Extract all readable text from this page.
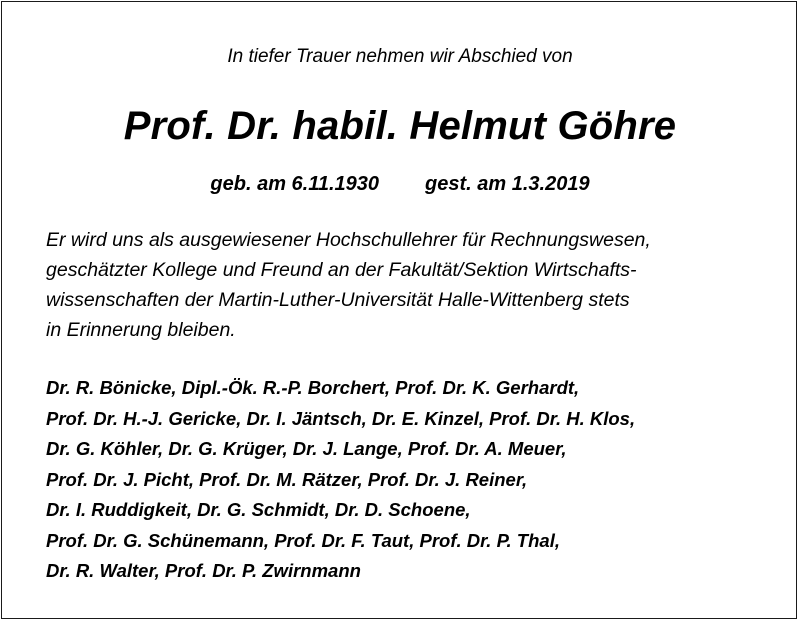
In tiefer Trauer nehmen wir Abschied von
Prof. Dr. habil. Helmut Göhre
geb. am 6.11.1930 gest. am 1.3.2019
Er wird uns als ausgewiesener Hochschullehrer für Rechnungswesen,
geschätzter Kollege und Freund an der Fakultät/Sektion Wirtschafts-
wissenschaften der Martin-Luther-Universität Halle-Wittenberg stets
in Erinnerung bleiben.
Dr. R. Bönicke, Dipl.-Ök. R.-P. Borchert, Prof. Dr. K. Gerhardt,
Prof. Dr. H.-J. Gericke, Dr. I. Jäntsch, Dr. E. Kinzel, Prof. Dr. H. Klos,
Dr. G. Köhler, Dr. G. Krüger, Dr. J. Lange, Prof. Dr. A. Meuer,
Prof. Dr. J. Picht, Prof. Dr. M. Rätzer, Prof. Dr. J. Reiner,
Dr. I. Ruddigkeit, Dr. G. Schmidt, Dr. D. Schoene,
Prof. Dr. G. Schünemann, Prof. Dr. F. Taut, Prof. Dr. P. Thal,
Dr. R. Walter, Prof. Dr. P. Zwirnmann
